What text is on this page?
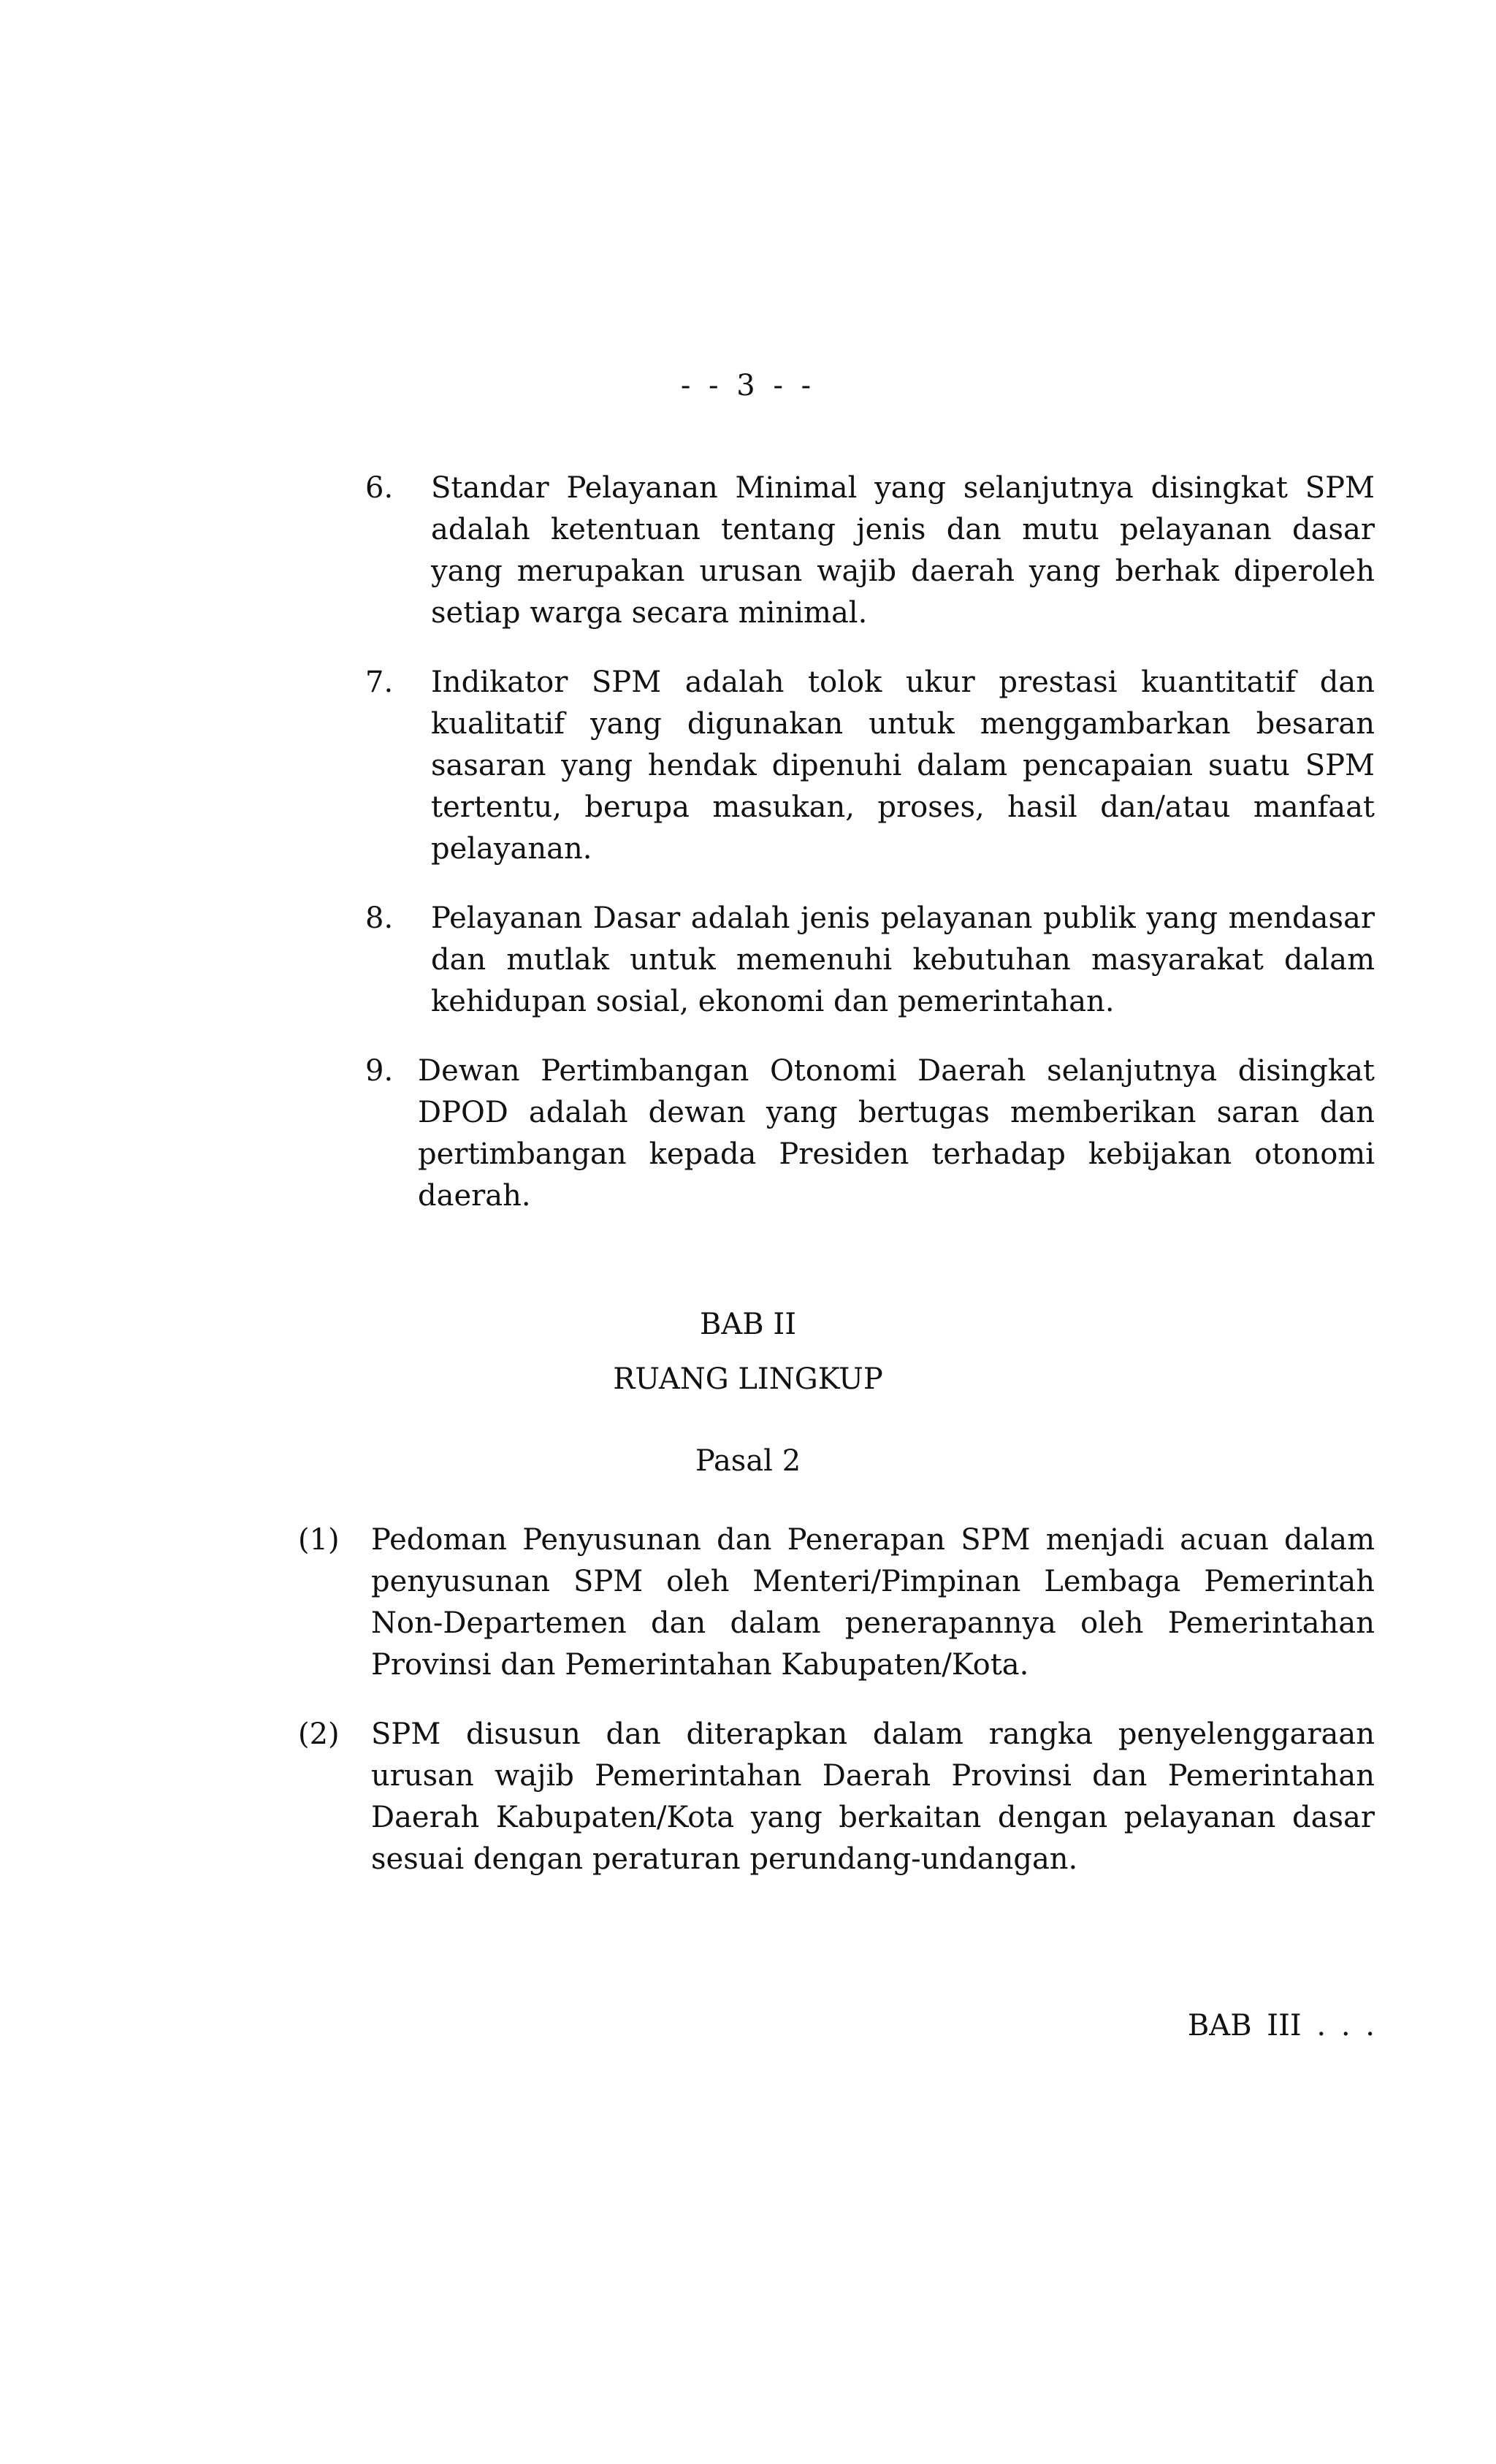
- - 3 - -
6. Standar Pelayanan Minimal yang selanjutnya disingkat SPM adalah ketentuan tentang jenis dan mutu pelayanan dasar yang merupakan urusan wajib daerah yang berhak diperoleh setiap warga secara minimal.
7. Indikator SPM adalah tolok ukur prestasi kuantitatif dan kualitatif yang digunakan untuk menggambarkan besaran sasaran yang hendak dipenuhi dalam pencapaian suatu SPM tertentu, berupa masukan, proses, hasil dan/atau manfaat pelayanan.
8. Pelayanan Dasar adalah jenis pelayanan publik yang mendasar dan mutlak untuk memenuhi kebutuhan masyarakat dalam kehidupan sosial, ekonomi dan pemerintahan.
9. Dewan Pertimbangan Otonomi Daerah selanjutnya disingkat DPOD adalah dewan yang bertugas memberikan saran dan pertimbangan kepada Presiden terhadap kebijakan otonomi daerah.
BAB II
RUANG LINGKUP
Pasal 2
(1) Pedoman Penyusunan dan Penerapan SPM menjadi acuan dalam penyusunan SPM oleh Menteri/Pimpinan Lembaga Pemerintah Non-Departemen dan dalam penerapannya oleh Pemerintahan Provinsi dan Pemerintahan Kabupaten/Kota.
(2) SPM disusun dan diterapkan dalam rangka penyelenggaraan urusan wajib Pemerintahan Daerah Provinsi dan Pemerintahan Daerah Kabupaten/Kota yang berkaitan dengan pelayanan dasar sesuai dengan peraturan perundang-undangan.
BAB III . . .
